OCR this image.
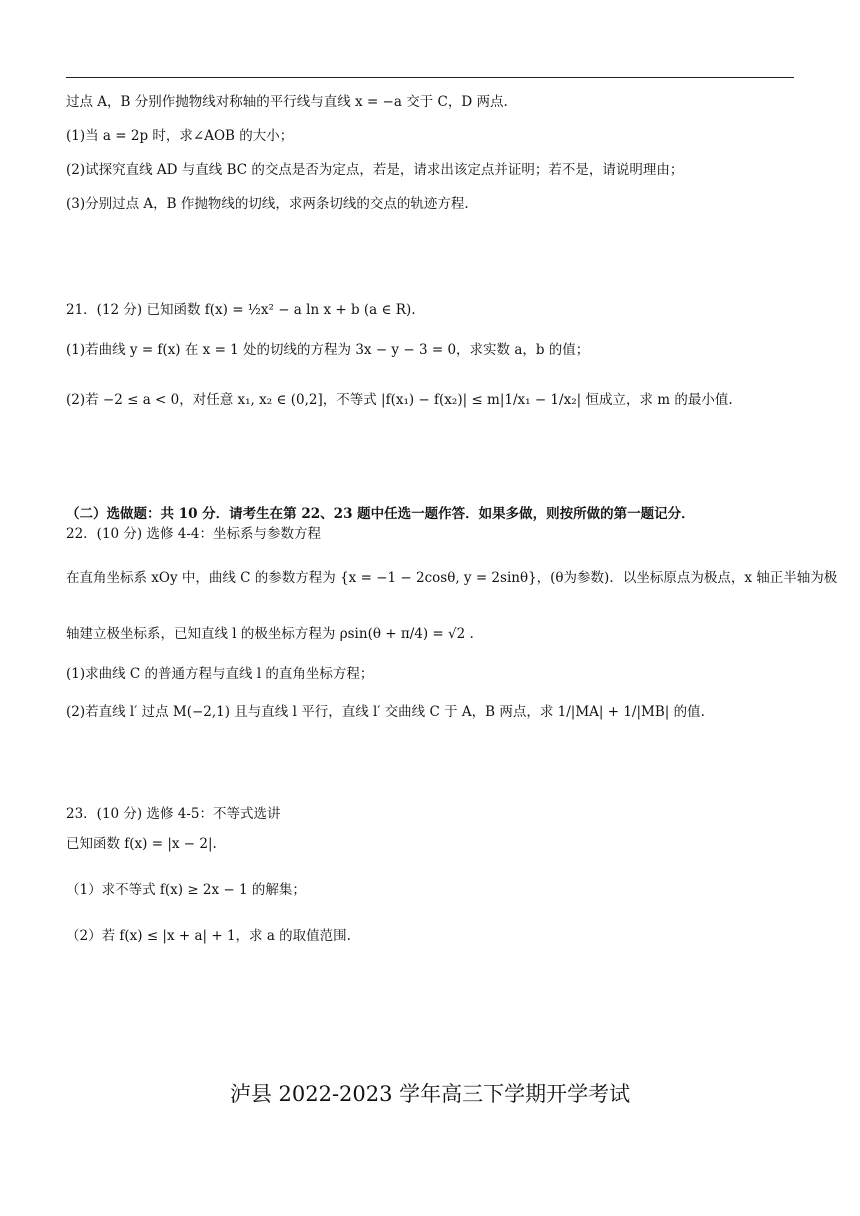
过点 A，B 分别作抛物线对称轴的平行线与直线 x = −a 交于 C，D 两点.
(1)当 a = 2p 时，求∠AOB 的大小；
(2)试探究直线 AD 与直线 BC 的交点是否为定点，若是，请求出该定点并证明；若不是，请说明理由；
(3)分别过点 A，B 作抛物线的切线，求两条切线的交点的轨迹方程.
21．(12 分) 已知函数 f(x) = ½x² − a ln x + b (a ∈ R).
(1)若曲线 y = f(x) 在 x = 1 处的切线的方程为 3x − y − 3 = 0，求实数 a，b 的值；
(2)若 −2 ≤ a < 0，对任意 x₁, x₂ ∈ (0,2]，不等式 |f(x₁) − f(x₂)| ≤ m|1/x₁ − 1/x₂| 恒成立，求 m 的最小值.
（二）选做题：共 10 分．请考生在第 22、23 题中任选一题作答．如果多做，则按所做的第一题记分．
22．(10 分) 选修 4-4：坐标系与参数方程
在直角坐标系 xOy 中，曲线 C 的参数方程为 {x = −1 − 2cosθ, y = 2sinθ}，(θ为参数)．以坐标原点为极点，x 轴正半轴为极
轴建立极坐标系，已知直线 l 的极坐标方程为 ρsin(θ + π/4) = √2 .
(1)求曲线 C 的普通方程与直线 l 的直角坐标方程；
(2)若直线 l′ 过点 M(−2,1) 且与直线 l 平行，直线 l′ 交曲线 C 于 A，B 两点，求 1/|MA| + 1/|MB| 的值.
23．(10 分) 选修 4-5：不等式选讲
已知函数 f(x) = |x − 2|.
（1）求不等式 f(x) ≥ 2x − 1 的解集；
（2）若 f(x) ≤ |x + a| + 1，求 a 的取值范围.
泸县 2022-2023 学年高三下学期开学考试
